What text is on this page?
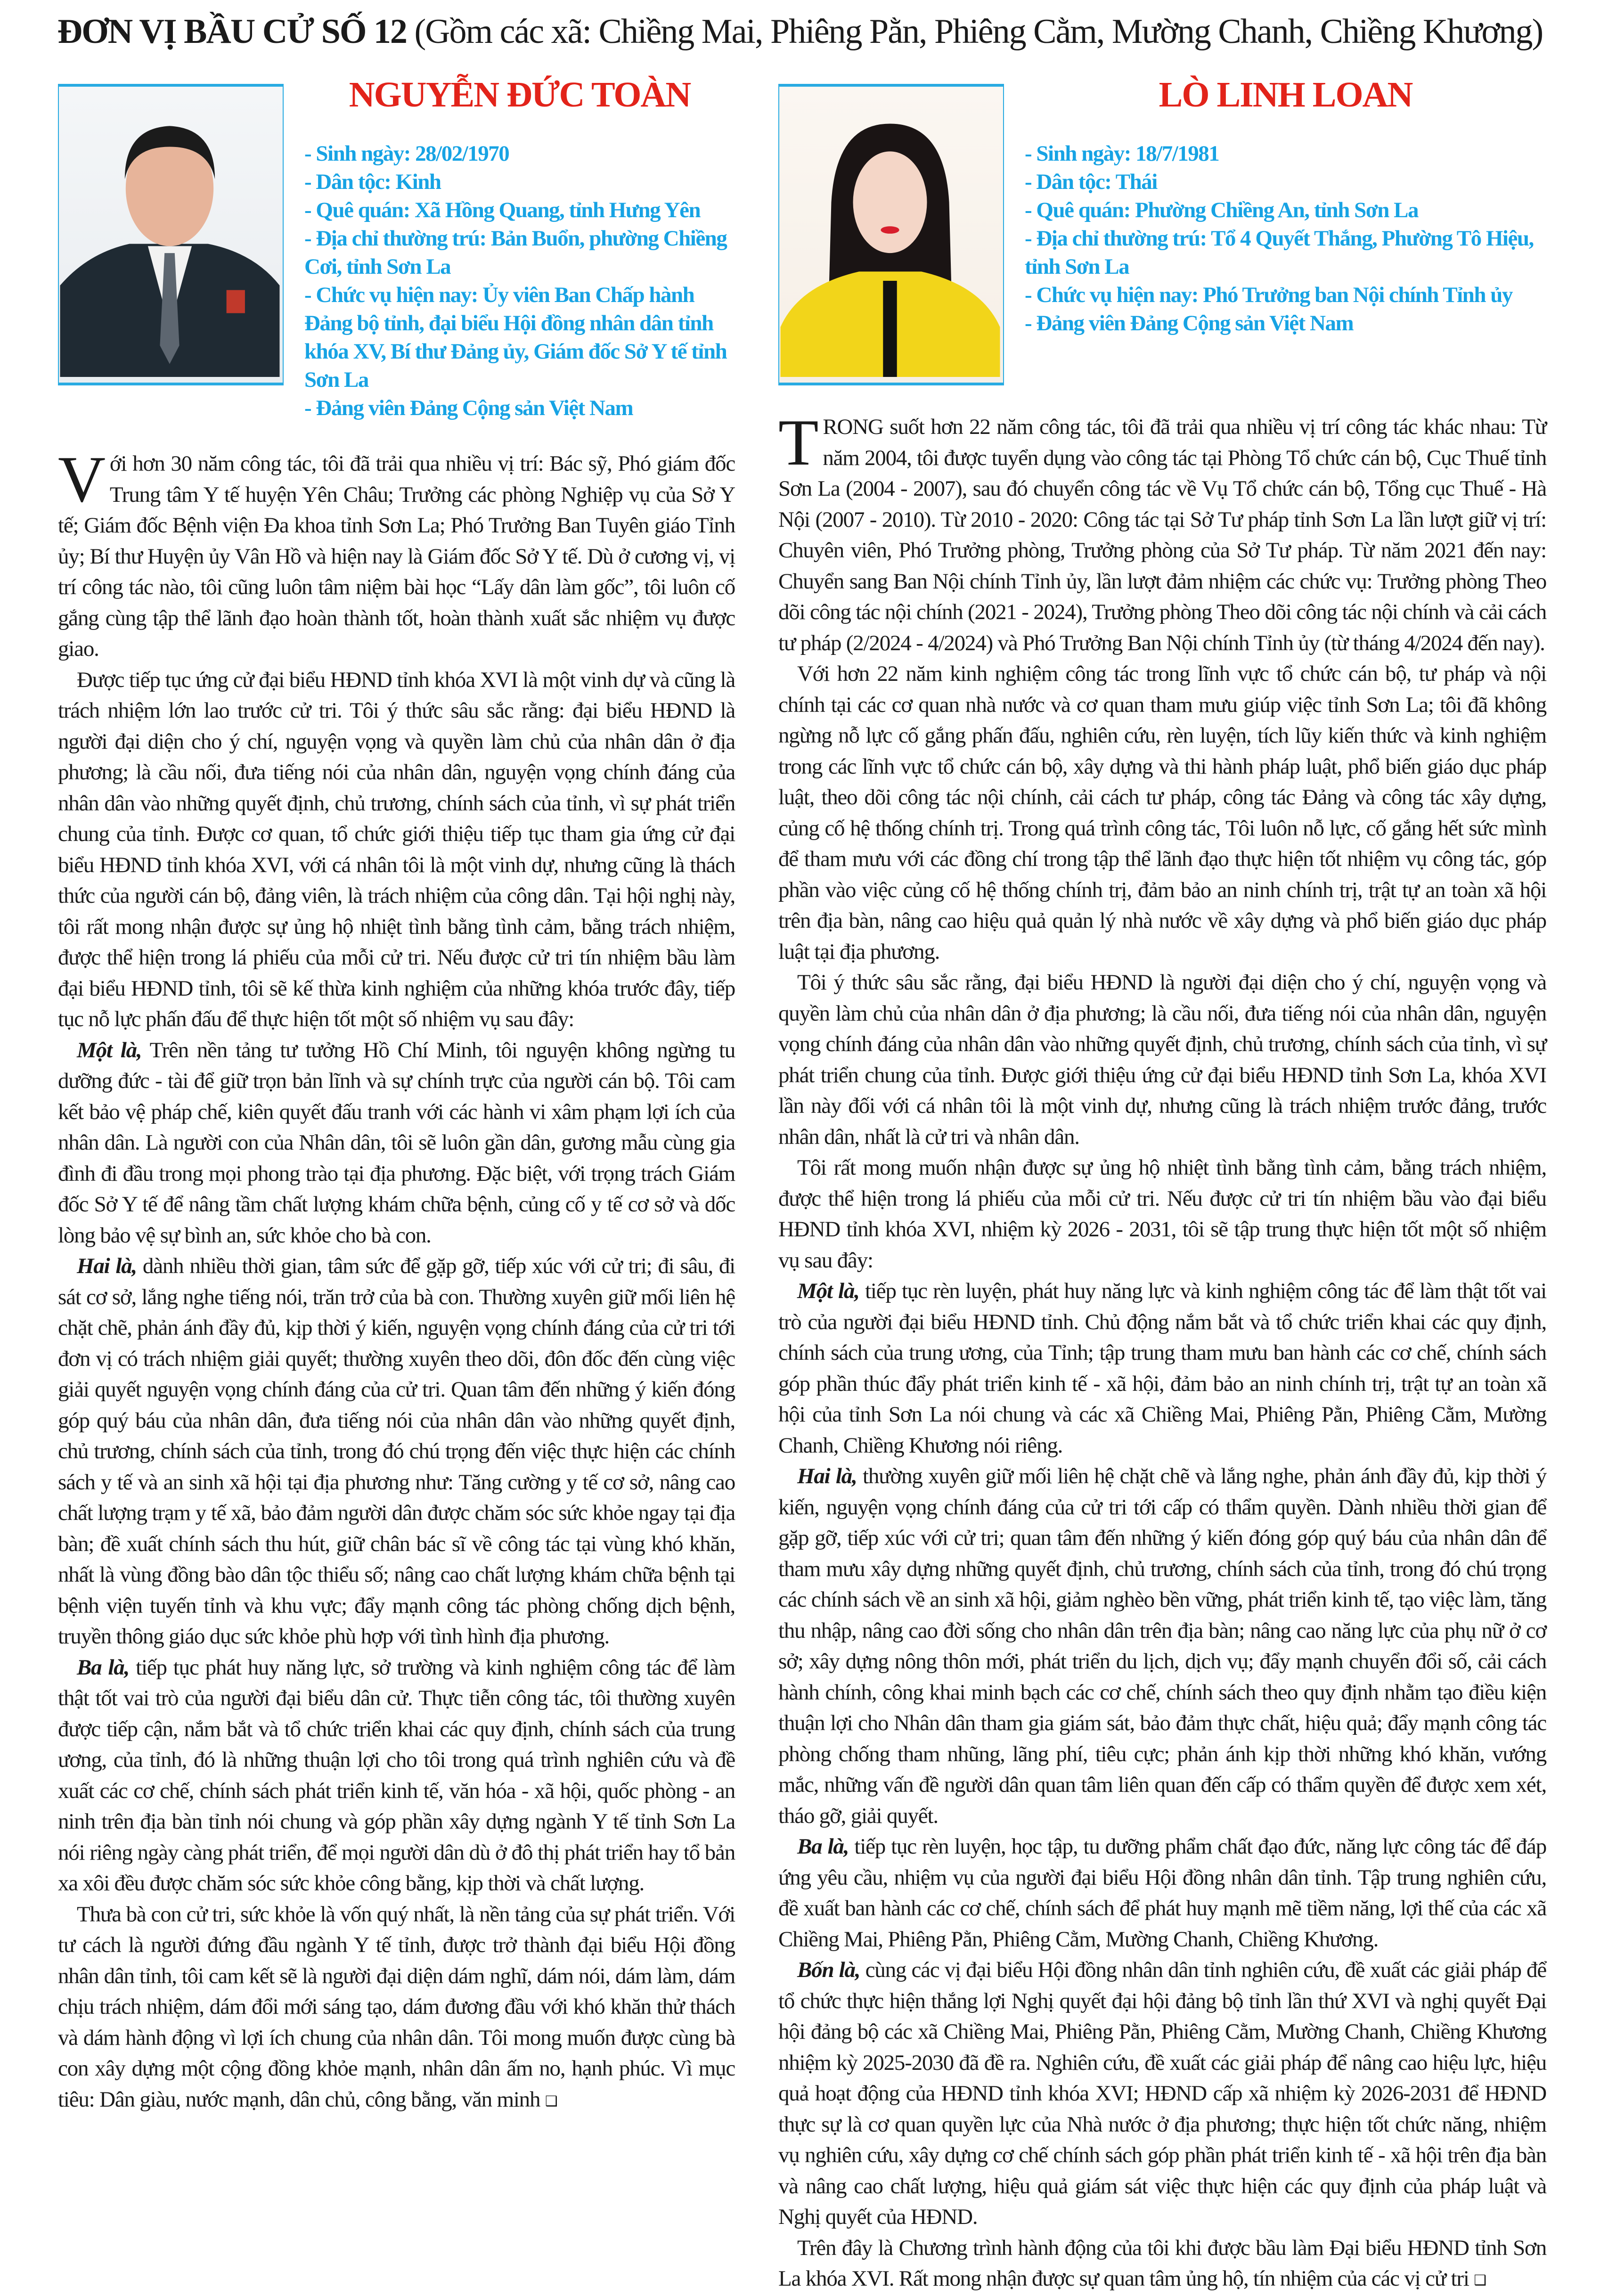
ĐƠN VỊ BẦU CỬ SỐ 12 (Gồm các xã: Chiềng Mai, Phiêng Pằn, Phiêng Cằm, Mường Chanh, Chiềng Khương)
NGUYỄN ĐỨC TOÀN
- Sinh ngày: 28/02/1970
- Dân tộc: Kinh
- Quê quán: Xã Hồng Quang, tỉnh Hưng Yên
- Địa chỉ thường trú: Bản Buổn, phường Chiềng Cơi, tỉnh Sơn La
- Chức vụ hiện nay: Ủy viên Ban Chấp hành Đảng bộ tỉnh, đại biểu Hội đồng nhân dân tỉnh khóa XV, Bí thư Đảng ủy, Giám đốc Sở Y tế tỉnh Sơn La
- Đảng viên Đảng Cộng sản Việt Nam

Với hơn 30 năm công tác, tôi đã trải qua nhiều vị trí: Bác sỹ, Phó giám đốc Trung tâm Y tế huyện Yên Châu; Trưởng các phòng Nghiệp vụ của Sở Y tế; Giám đốc Bệnh viện Đa khoa tỉnh Sơn La; Phó Trưởng Ban Tuyên giáo Tỉnh ủy; Bí thư Huyện ủy Vân Hồ và hiện nay là Giám đốc Sở Y tế. Dù ở cương vị, vị trí công tác nào, tôi cũng luôn tâm niệm bài học “Lấy dân làm gốc”, tôi luôn cố gắng cùng tập thể lãnh đạo hoàn thành tốt, hoàn thành xuất sắc nhiệm vụ được giao.

Được tiếp tục ứng cử đại biểu HĐND tỉnh khóa XVI là một vinh dự và cũng là trách nhiệm lớn lao trước cử tri. Tôi ý thức sâu sắc rằng: đại biểu HĐND là người đại diện cho ý chí, nguyện vọng và quyền làm chủ của nhân dân ở địa phương; là cầu nối, đưa tiếng nói của nhân dân, nguyện vọng chính đáng của nhân dân vào những quyết định, chủ trương, chính sách của tỉnh, vì sự phát triển chung của tỉnh. Được cơ quan, tổ chức giới thiệu tiếp tục tham gia ứng cử đại biểu HĐND tỉnh khóa XVI, với cá nhân tôi là một vinh dự, nhưng cũng là thách thức của người cán bộ, đảng viên, là trách nhiệm của công dân. Tại hội nghị này, tôi rất mong nhận được sự ủng hộ nhiệt tình bằng tình cảm, bằng trách nhiệm, được thể hiện trong lá phiếu của mỗi cử tri. Nếu được cử tri tín nhiệm bầu làm đại biểu HĐND tỉnh, tôi sẽ kế thừa kinh nghiệm của những khóa trước đây, tiếp tục nỗ lực phấn đấu để thực hiện tốt một số nhiệm vụ sau đây:

Một là, Trên nền tảng tư tưởng Hồ Chí Minh, tôi nguyện không ngừng tu dưỡng đức - tài để giữ trọn bản lĩnh và sự chính trực của người cán bộ. Tôi cam kết bảo vệ pháp chế, kiên quyết đấu tranh với các hành vi xâm phạm lợi ích của nhân dân. Là người con của Nhân dân, tôi sẽ luôn gần dân, gương mẫu cùng gia đình đi đầu trong mọi phong trào tại địa phương. Đặc biệt, với trọng trách Giám đốc Sở Y tế để nâng tầm chất lượng khám chữa bệnh, củng cố y tế cơ sở và dốc lòng bảo vệ sự bình an, sức khỏe cho bà con.

Hai là, dành nhiều thời gian, tâm sức để gặp gỡ, tiếp xúc với cử tri; đi sâu, đi sát cơ sở, lắng nghe tiếng nói, trăn trở của bà con. Thường xuyên giữ mối liên hệ chặt chẽ, phản ánh đầy đủ, kịp thời ý kiến, nguyện vọng chính đáng của cử tri tới đơn vị có trách nhiệm giải quyết; thường xuyên theo dõi, đôn đốc đến cùng việc giải quyết nguyện vọng chính đáng của cử tri. Quan tâm đến những ý kiến đóng góp quý báu của nhân dân, đưa tiếng nói của nhân dân vào những quyết định, chủ trương, chính sách của tỉnh, trong đó chú trọng đến việc thực hiện các chính sách y tế và an sinh xã hội tại địa phương như: Tăng cường y tế cơ sở, nâng cao chất lượng trạm y tế xã, bảo đảm người dân được chăm sóc sức khỏe ngay tại địa bàn; đề xuất chính sách thu hút, giữ chân bác sĩ về công tác tại vùng khó khăn, nhất là vùng đồng bào dân tộc thiểu số; nâng cao chất lượng khám chữa bệnh tại bệnh viện tuyến tỉnh và khu vực; đẩy mạnh công tác phòng chống dịch bệnh, truyền thông giáo dục sức khỏe phù hợp với tình hình địa phương.

Ba là, tiếp tục phát huy năng lực, sở trường và kinh nghiệm công tác để làm thật tốt vai trò của người đại biểu dân cử. Thực tiễn công tác, tôi thường xuyên được tiếp cận, nắm bắt và tổ chức triển khai các quy định, chính sách của trung ương, của tỉnh, đó là những thuận lợi cho tôi trong quá trình nghiên cứu và đề xuất các cơ chế, chính sách phát triển kinh tế, văn hóa - xã hội, quốc phòng - an ninh trên địa bàn tỉnh nói chung và góp phần xây dựng ngành Y tế tỉnh Sơn La nói riêng ngày càng phát triển, để mọi người dân dù ở đô thị phát triển hay tổ bản xa xôi đều được chăm sóc sức khỏe công bằng, kịp thời và chất lượng.

Thưa bà con cử tri, sức khỏe là vốn quý nhất, là nền tảng của sự phát triển. Với tư cách là người đứng đầu ngành Y tế tỉnh, được trở thành đại biểu Hội đồng nhân dân tỉnh, tôi cam kết sẽ là người đại diện dám nghĩ, dám nói, dám làm, dám chịu trách nhiệm, dám đổi mới sáng tạo, dám đương đầu với khó khăn thử thách và dám hành động vì lợi ích chung của nhân dân. Tôi mong muốn được cùng bà con xây dựng một cộng đồng khỏe mạnh, nhân dân ấm no, hạnh phúc. Vì mục tiêu: Dân giàu, nước mạnh, dân chủ, công bằng, văn minh ❑

LÒ LINH LOAN
- Sinh ngày: 18/7/1981
- Dân tộc: Thái
- Quê quán: Phường Chiềng An, tỉnh Sơn La
- Địa chỉ thường trú: Tổ 4 Quyết Thắng, Phường Tô Hiệu, tỉnh Sơn La
- Chức vụ hiện nay: Phó Trưởng ban Nội chính Tỉnh ủy
- Đảng viên Đảng Cộng sản Việt Nam

TRONG suốt hơn 22 năm công tác, tôi đã trải qua nhiều vị trí công tác khác nhau: Từ năm 2004, tôi được tuyển dụng vào công tác tại Phòng Tổ chức cán bộ, Cục Thuế tỉnh Sơn La (2004 - 2007), sau đó chuyển công tác về Vụ Tổ chức cán bộ, Tổng cục Thuế - Hà Nội (2007 - 2010). Từ 2010 - 2020: Công tác tại Sở Tư pháp tỉnh Sơn La lần lượt giữ vị trí: Chuyên viên, Phó Trưởng phòng, Trưởng phòng của Sở Tư pháp. Từ năm 2021 đến nay: Chuyển sang Ban Nội chính Tỉnh ủy, lần lượt đảm nhiệm các chức vụ: Trưởng phòng Theo dõi công tác nội chính (2021 - 2024), Trưởng phòng Theo dõi công tác nội chính và cải cách tư pháp (2/2024 - 4/2024) và Phó Trưởng Ban Nội chính Tỉnh ủy (từ tháng 4/2024 đến nay).

Với hơn 22 năm kinh nghiệm công tác trong lĩnh vực tổ chức cán bộ, tư pháp và nội chính tại các cơ quan nhà nước và cơ quan tham mưu giúp việc tỉnh Sơn La; tôi đã không ngừng nỗ lực cố gắng phấn đấu, nghiên cứu, rèn luyện, tích lũy kiến thức và kinh nghiệm trong các lĩnh vực tổ chức cán bộ, xây dựng và thi hành pháp luật, phổ biến giáo dục pháp luật, theo dõi công tác nội chính, cải cách tư pháp, công tác Đảng và công tác xây dựng, củng cố hệ thống chính trị. Trong quá trình công tác, Tôi luôn nỗ lực, cố gắng hết sức mình để tham mưu với các đồng chí trong tập thể lãnh đạo thực hiện tốt nhiệm vụ công tác, góp phần vào việc củng cố hệ thống chính trị, đảm bảo an ninh chính trị, trật tự an toàn xã hội trên địa bàn, nâng cao hiệu quả quản lý nhà nước về xây dựng và phổ biến giáo dục pháp luật tại địa phương.

Tôi ý thức sâu sắc rằng, đại biểu HĐND là người đại diện cho ý chí, nguyện vọng và quyền làm chủ của nhân dân ở địa phương; là cầu nối, đưa tiếng nói của nhân dân, nguyện vọng chính đáng của nhân dân vào những quyết định, chủ trương, chính sách của tỉnh, vì sự phát triển chung của tỉnh. Được giới thiệu ứng cử đại biểu HĐND tỉnh Sơn La, khóa XVI lần này đối với cá nhân tôi là một vinh dự, nhưng cũng là trách nhiệm trước đảng, trước nhân dân, nhất là cử tri và nhân dân.

Tôi rất mong muốn nhận được sự ủng hộ nhiệt tình bằng tình cảm, bằng trách nhiệm, được thể hiện trong lá phiếu của mỗi cử tri. Nếu được cử tri tín nhiệm bầu vào đại biểu HĐND tỉnh khóa XVI, nhiệm kỳ 2026 - 2031, tôi sẽ tập trung thực hiện tốt một số nhiệm vụ sau đây:

Một là, tiếp tục rèn luyện, phát huy năng lực và kinh nghiệm công tác để làm thật tốt vai trò của người đại biểu HĐND tỉnh. Chủ động nắm bắt và tổ chức triển khai các quy định, chính sách của trung ương, của Tỉnh; tập trung tham mưu ban hành các cơ chế, chính sách góp phần thúc đẩy phát triển kinh tế - xã hội, đảm bảo an ninh chính trị, trật tự an toàn xã hội của tỉnh Sơn La nói chung và các xã Chiềng Mai, Phiêng Pằn, Phiêng Cằm, Mường Chanh, Chiềng Khương nói riêng.

Hai là, thường xuyên giữ mối liên hệ chặt chẽ và lắng nghe, phản ánh đầy đủ, kịp thời ý kiến, nguyện vọng chính đáng của cử tri tới cấp có thẩm quyền. Dành nhiều thời gian để gặp gỡ, tiếp xúc với cử tri; quan tâm đến những ý kiến đóng góp quý báu của nhân dân để tham mưu xây dựng những quyết định, chủ trương, chính sách của tỉnh, trong đó chú trọng các chính sách về an sinh xã hội, giảm nghèo bền vững, phát triển kinh tế, tạo việc làm, tăng thu nhập, nâng cao đời sống cho nhân dân trên địa bàn; nâng cao năng lực của phụ nữ ở cơ sở; xây dựng nông thôn mới, phát triển du lịch, dịch vụ; đẩy mạnh chuyển đổi số, cải cách hành chính, công khai minh bạch các cơ chế, chính sách theo quy định nhằm tạo điều kiện thuận lợi cho Nhân dân tham gia giám sát, bảo đảm thực chất, hiệu quả; đẩy mạnh công tác phòng chống tham nhũng, lãng phí, tiêu cực; phản ánh kịp thời những khó khăn, vướng mắc, những vấn đề người dân quan tâm liên quan đến cấp có thẩm quyền để được xem xét, tháo gỡ, giải quyết.

Ba là, tiếp tục rèn luyện, học tập, tu dưỡng phẩm chất đạo đức, năng lực công tác để đáp ứng yêu cầu, nhiệm vụ của người đại biểu Hội đồng nhân dân tỉnh. Tập trung nghiên cứu, đề xuất ban hành các cơ chế, chính sách để phát huy mạnh mẽ tiềm năng, lợi thế của các xã Chiềng Mai, Phiêng Pằn, Phiêng Cằm, Mường Chanh, Chiềng Khương.

Bốn là, cùng các vị đại biểu Hội đồng nhân dân tỉnh nghiên cứu, đề xuất các giải pháp để tổ chức thực hiện thắng lợi Nghị quyết đại hội đảng bộ tỉnh lần thứ XVI và nghị quyết Đại hội đảng bộ các xã Chiềng Mai, Phiêng Pằn, Phiêng Cằm, Mường Chanh, Chiềng Khương nhiệm kỳ 2025-2030 đã đề ra. Nghiên cứu, đề xuất các giải pháp để nâng cao hiệu lực, hiệu quả hoạt động của HĐND tỉnh khóa XVI; HĐND cấp xã nhiệm kỳ 2026-2031 để HĐND thực sự là cơ quan quyền lực của Nhà nước ở địa phương; thực hiện tốt chức năng, nhiệm vụ nghiên cứu, xây dựng cơ chế chính sách góp phần phát triển kinh tế - xã hội trên địa bàn và nâng cao chất lượng, hiệu quả giám sát việc thực hiện các quy định của pháp luật và Nghị quyết của HĐND.

Trên đây là Chương trình hành động của tôi khi được bầu làm Đại biểu HĐND tỉnh Sơn La khóa XVI. Rất mong nhận được sự quan tâm ủng hộ, tín nhiệm của các vị cử tri ❑
